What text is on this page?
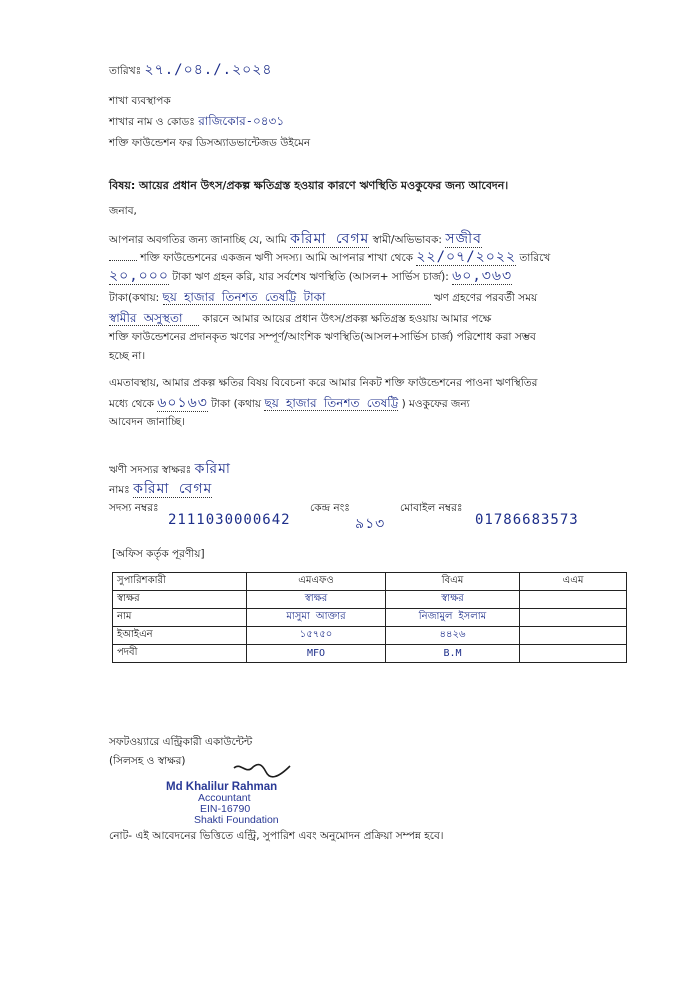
তারিখঃ ২৭./০৪./.২০২৪
শাখা ব্যবস্থাপক
শাখার নাম ও কোডঃ রাজিকোর-০৪৩১
শক্তি ফাউন্ডেশন ফর ডিসঅ্যাডভান্টেজড উইমেন
বিষয়: আয়ের প্রধান উৎস/প্রকল্প ক্ষতিগ্রস্ত হওয়ার কারণে ঋণস্থিতি মওকুফের জন্য আবেদন।
জনাব,
আপনার অবগতির জন্য জানাচ্ছি যে, আমি করিমা বেগম স্বামী/অভিভাবক: সজীব
শক্তি ফাউন্ডেশনের একজন ঋণী সদস্য। আমি আপনার শাখা থেকে ২২/০৭/২০২২ তারিখে
২০,০০০ টাকা ঋণ গ্রহন করি, যার সর্বশেষ ঋণস্থিতি (আসল+ সার্ভিস চার্জ): ৬০,৩৬৩
টাকা(কথায়: ছয় হাজার তিনশত তেষট্টি টাকা	ঋণ গ্রহণের পরবর্তী সময়
স্বামীর অসুস্থতা কারনে আমার আয়ের প্রধান উৎস/প্রকল্প ক্ষতিগ্রস্ত হওয়ায় আমার পক্ষে
শক্তি ফাউন্ডেশনের প্রদানকৃত ঋণের সম্পূর্ণ/আংশিক ঋণস্থিতি(আসল+সার্ভিস চার্জ) পরিশোধ করা সম্ভব
হচ্ছে না।
এমতাবস্থায়, আমার প্রকল্প ক্ষতির বিষয় বিবেচনা করে আমার নিকট শক্তি ফাউন্ডেশনের পাওনা ঋণস্থিতির
মধ্যে থেকে ৬০১৬৩ টাকা (কথায় ছয় হাজার তিনশত তেষট্টি ) মওকুফের জন্য
আবেদন জানাচ্ছি।
ঋণী সদস্যর স্বাক্ষরঃ করিমা
নামঃ করিমা বেগম
সদস্য নম্বরঃ
2111030000642
কেন্দ্র নংঃ
৯১৩
মোবাইল নম্বরঃ
01786683573
[অফিস কর্তৃক পূরণীয়]
সুপারিশকারী	এমএফও	বিএম	এএম
স্বাক্ষর	স্বাক্ষর	স্বাক্ষর	
নাম	মাসুমা আক্তার	নিজামুল ইসলাম	
ইআইএন	১৫৭৫০	৪৪২৬	
পদবী	MFO	B.M	
সফটওয়্যারে এন্ট্রিকারী একাউন্টেন্ট
(সিলসহ ও স্বাক্ষর)
Md Khalilur Rahman
Accountant
EIN-16790
Shakti Foundation
নোট- এই আবেদনের ভিত্তিতে এন্ট্রি, সুপারিশ এবং অনুমোদন প্রক্রিয়া সম্পন্ন হবে।
